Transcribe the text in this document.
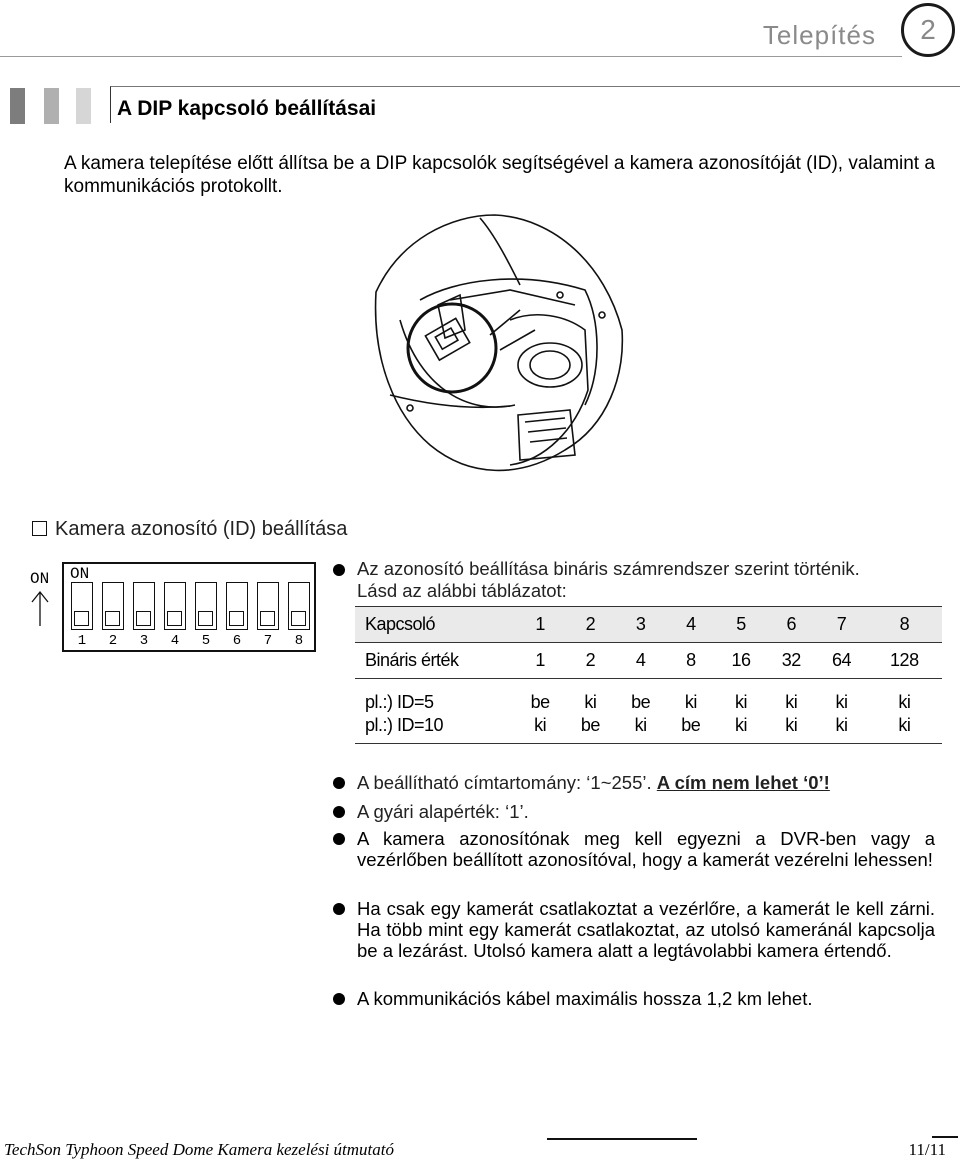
Telepítés	2
A DIP kapcsoló beállításai
A kamera telepítése előtt állítsa be a DIP kapcsolók segítségével a kamera azonosítóját (ID), valamint a kommunikációs protokollt.
Kamera azonosító (ID) beállítása
ON ON
1	2	3	4	5	6	7	8
Az azonosító beállítása bináris számrendszer szerint történik.
Lásd az alábbi táblázatot:
Kapcsoló	1	2	3	4	5	6	7	8
Bináris érték	1	2	4	8	16	32	64	128
pl.:) ID=5	be	ki	be	ki	ki	ki	ki	ki
pl.:) ID=10	ki	be	ki	be	ki	ki	ki	ki
A beállítható címtartomány: ‘1~255’. A cím nem lehet ‘0’!
A gyári alapérték: ‘1’.
A kamera azonosítónak meg kell egyezni a DVR-ben vagy a vezérlőben beállított azonosítóval, hogy a kamerát vezérelni lehessen!
Ha csak egy kamerát csatlakoztat a vezérlőre, a kamerát le kell zárni. Ha több mint egy kamerát csatlakoztat, az utolsó kameránál kapcsolja be a lezárást. Utolsó kamera alatt a legtávolabbi kamera értendő.
A kommunikációs kábel maximális hossza 1,2 km lehet.
TechSon Typhoon Speed Dome Kamera kezelési útmutató	11/11
